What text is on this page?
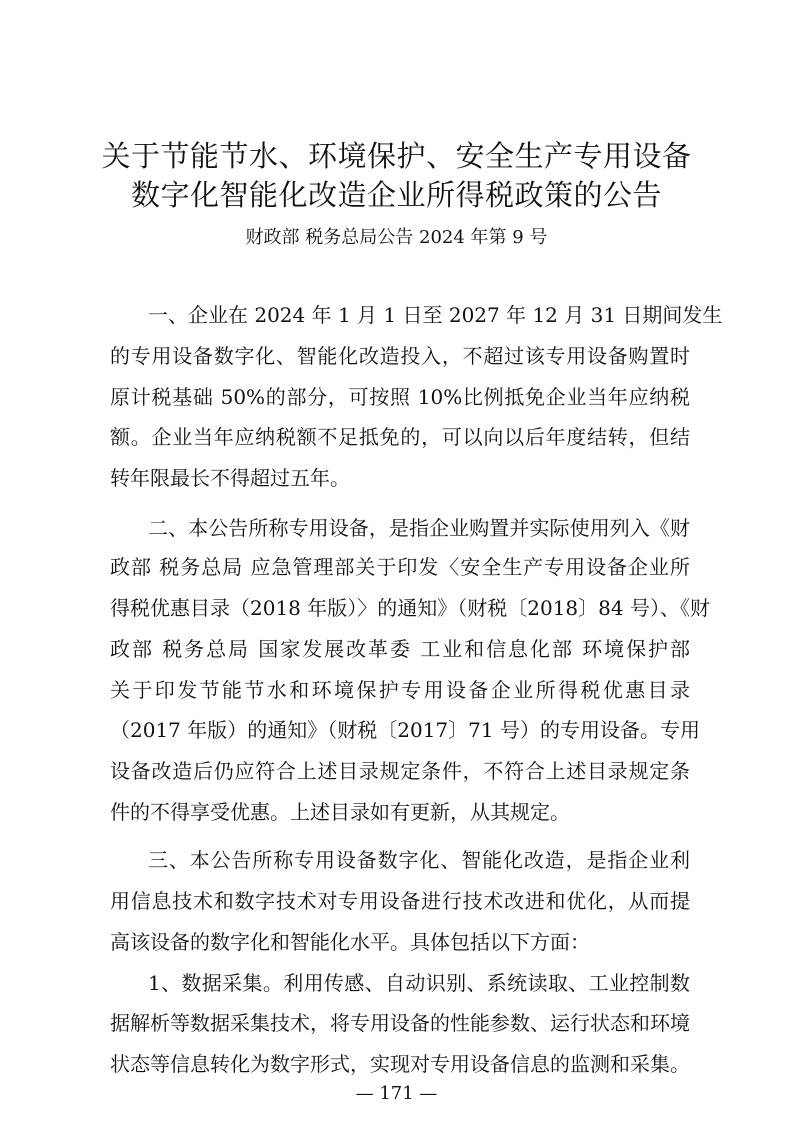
关于节能节水、环境保护、安全生产专用设备
数字化智能化改造企业所得税政策的公告

财政部 税务总局公告 2024 年第 9 号

一、企业在 2024 年 1 月 1 日至 2027 年 12 月 31 日期间发生

的专用设备数字化、智能化改造投入，不超过该专用设备购置时

原计税基础 50%的部分，可按照 10%比例抵免企业当年应纳税

额。企业当年应纳税额不足抵免的，可以向以后年度结转，但结

转年限最长不得超过五年。

二、本公告所称专用设备，是指企业购置并实际使用列入《财

政部 税务总局 应急管理部关于印发〈安全生产专用设备企业所

得税优惠目录（2018 年版）〉的通知》（财税〔2018〕84 号）、《财

政部 税务总局 国家发展改革委 工业和信息化部 环境保护部

关于印发节能节水和环境保护专用设备企业所得税优惠目录

（2017 年版）的通知》（财税〔2017〕71 号）的专用设备。专用

设备改造后仍应符合上述目录规定条件，不符合上述目录规定条

件的不得享受优惠。上述目录如有更新，从其规定。

三、本公告所称专用设备数字化、智能化改造，是指企业利

用信息技术和数字技术对专用设备进行技术改进和优化，从而提

高该设备的数字化和智能化水平。具体包括以下方面：

1、数据采集。利用传感、自动识别、系统读取、工业控制数

据解析等数据采集技术，将专用设备的性能参数、运行状态和环境

状态等信息转化为数字形式，实现对专用设备信息的监测和采集。

— 171 —
